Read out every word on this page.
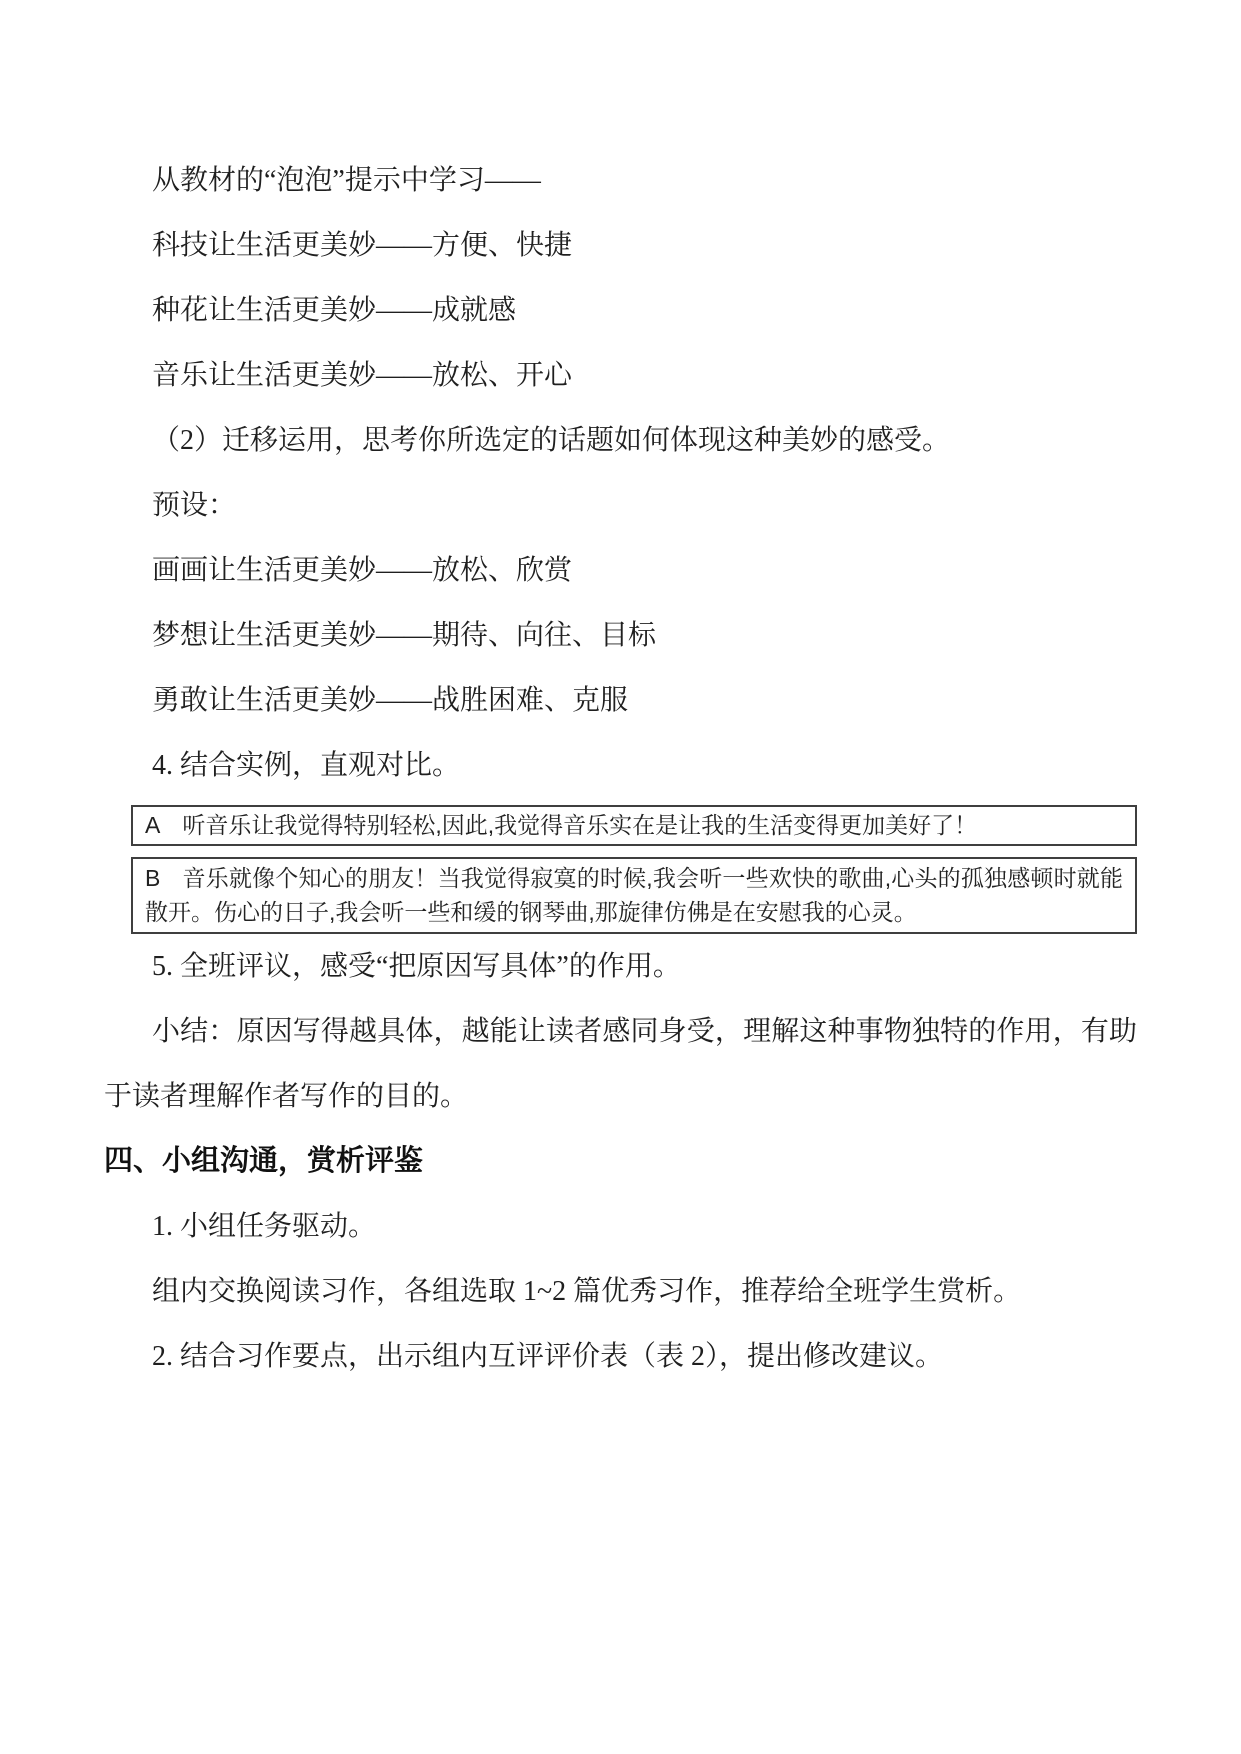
从教材的“泡泡”提示中学习——

科技让生活更美妙——方便、快捷

种花让生活更美妙——成就感

音乐让生活更美妙——放松、开心

（2）迁移运用，思考你所选定的话题如何体现这种美妙的感受。

预设：

画画让生活更美妙——放松、欣赏

梦想让生活更美妙——期待、向往、目标

勇敢让生活更美妙——战胜困难、克服

4. 结合实例，直观对比。

A 听音乐让我觉得特别轻松,因此,我觉得音乐实在是让我的生活变得更加美好了！
B 音乐就像个知心的朋友！当我觉得寂寞的时候,我会听一些欢快的歌曲,心头的孤独感顿时就能散开。伤心的日子,我会听一些和缓的钢琴曲,那旋律仿佛是在安慰我的心灵。

5. 全班评议，感受“把原因写具体”的作用。

小结：原因写得越具体，越能让读者感同身受，理解这种事物独特的作用，有助于读者理解作者写作的目的。

四、小组沟通，赏析评鉴

1. 小组任务驱动。

组内交换阅读习作，各组选取 1~2 篇优秀习作，推荐给全班学生赏析。

2. 结合习作要点，出示组内互评评价表（表 2），提出修改建议。
